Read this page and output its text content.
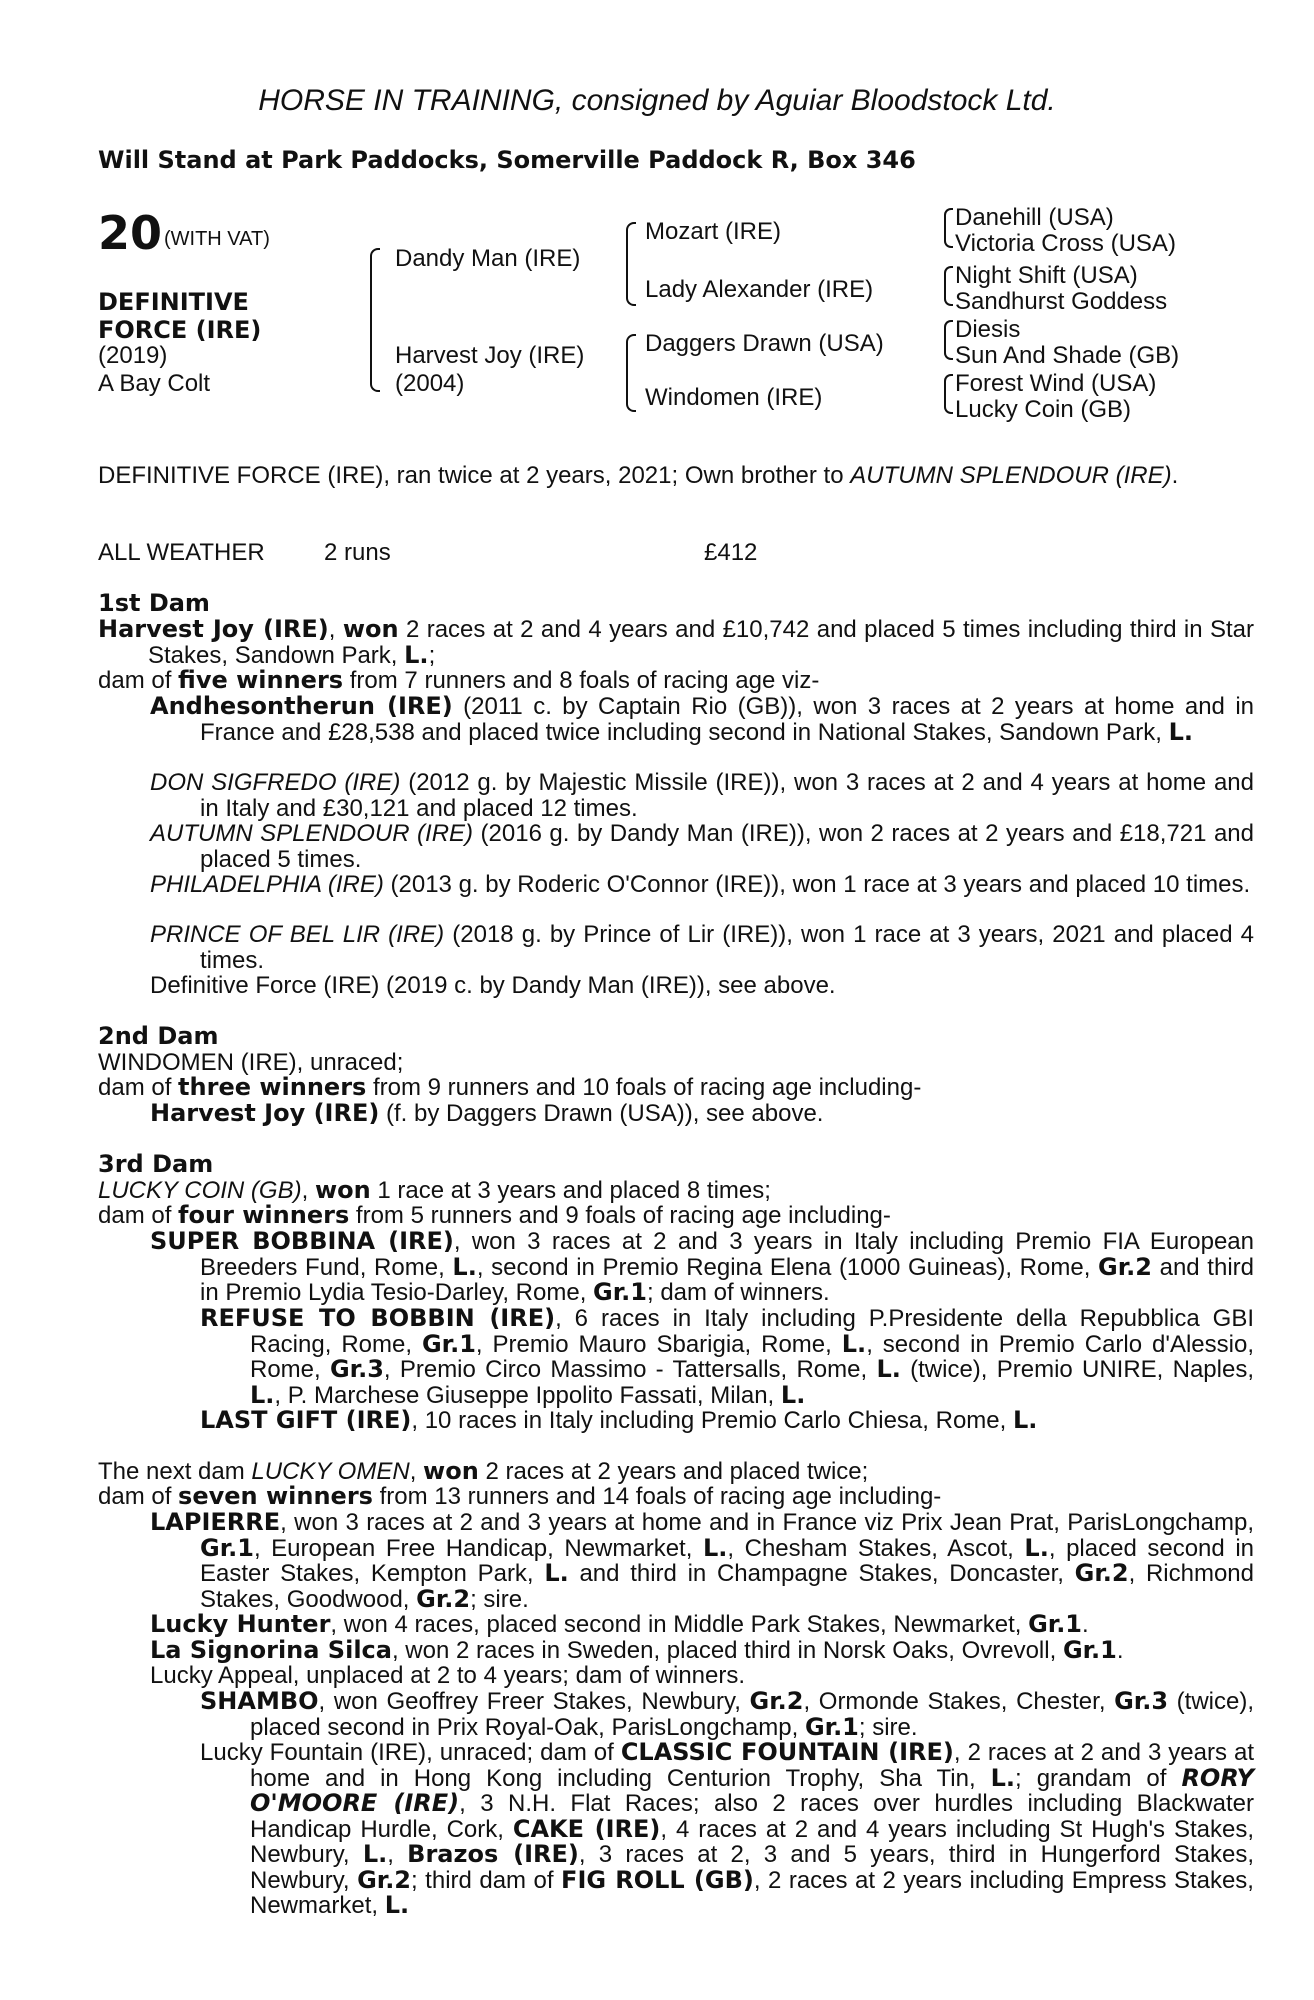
HORSE IN TRAINING, consigned by Aguiar Bloodstock Ltd.
Will Stand at Park Paddocks, Somerville Paddock R, Box 346
20 (WITH VAT)
DEFINITIVE
FORCE (IRE)
(2019)
A Bay Colt
Dandy Man (IRE)
Harvest Joy (IRE)
(2004)
Mozart (IRE)
Lady Alexander (IRE)
Daggers Drawn (USA)
Windomen (IRE)
Danehill (USA)
Victoria Cross (USA)
Night Shift (USA)
Sandhurst Goddess
Diesis
Sun And Shade (GB)
Forest Wind (USA)
Lucky Coin (GB)
DEFINITIVE FORCE (IRE), ran twice at 2 years, 2021; Own brother to AUTUMN SPLENDOUR (IRE).
ALL WEATHER 2 runs	£412
1st Dam
Harvest Joy (IRE), won 2 races at 2 and 4 years and £10,742 and placed 5 times including third in Star Stakes, Sandown Park, L.;
dam of five winners from 7 runners and 8 foals of racing age viz-
Andhesontherun (IRE) (2011 c. by Captain Rio (GB)), won 3 races at 2 years at home and in France and £28,538 and placed twice including second in National Stakes, Sandown Park, L.
DON SIGFREDO (IRE) (2012 g. by Majestic Missile (IRE)), won 3 races at 2 and 4 years at home and in Italy and £30,121 and placed 12 times.
AUTUMN SPLENDOUR (IRE) (2016 g. by Dandy Man (IRE)), won 2 races at 2 years and £18,721 and placed 5 times.
PHILADELPHIA (IRE) (2013 g. by Roderic O'Connor (IRE)), won 1 race at 3 years and placed 10 times.
PRINCE OF BEL LIR (IRE) (2018 g. by Prince of Lir (IRE)), won 1 race at 3 years, 2021 and placed 4 times.
Definitive Force (IRE) (2019 c. by Dandy Man (IRE)), see above.
2nd Dam
WINDOMEN (IRE), unraced;
dam of three winners from 9 runners and 10 foals of racing age including-
Harvest Joy (IRE) (f. by Daggers Drawn (USA)), see above.
3rd Dam
LUCKY COIN (GB), won 1 race at 3 years and placed 8 times;
dam of four winners from 5 runners and 9 foals of racing age including-
SUPER BOBBINA (IRE), won 3 races at 2 and 3 years in Italy including Premio FIA European Breeders Fund, Rome, L., second in Premio Regina Elena (1000 Guineas), Rome, Gr.2 and third in Premio Lydia Tesio-Darley, Rome, Gr.1; dam of winners.
REFUSE TO BOBBIN (IRE), 6 races in Italy including P.Presidente della Repubblica GBI Racing, Rome, Gr.1, Premio Mauro Sbarigia, Rome, L., second in Premio Carlo d'Alessio, Rome, Gr.3, Premio Circo Massimo - Tattersalls, Rome, L. (twice), Premio UNIRE, Naples, L., P. Marchese Giuseppe Ippolito Fassati, Milan, L.
LAST GIFT (IRE), 10 races in Italy including Premio Carlo Chiesa, Rome, L.
The next dam LUCKY OMEN, won 2 races at 2 years and placed twice;
dam of seven winners from 13 runners and 14 foals of racing age including-
LAPIERRE, won 3 races at 2 and 3 years at home and in France viz Prix Jean Prat, ParisLongchamp, Gr.1, European Free Handicap, Newmarket, L., Chesham Stakes, Ascot, L., placed second in Easter Stakes, Kempton Park, L. and third in Champagne Stakes, Doncaster, Gr.2, Richmond Stakes, Goodwood, Gr.2; sire.
Lucky Hunter, won 4 races, placed second in Middle Park Stakes, Newmarket, Gr.1.
La Signorina Silca, won 2 races in Sweden, placed third in Norsk Oaks, Ovrevoll, Gr.1.
Lucky Appeal, unplaced at 2 to 4 years; dam of winners.
SHAMBO, won Geoffrey Freer Stakes, Newbury, Gr.2, Ormonde Stakes, Chester, Gr.3 (twice), placed second in Prix Royal-Oak, ParisLongchamp, Gr.1; sire.
Lucky Fountain (IRE), unraced; dam of CLASSIC FOUNTAIN (IRE), 2 races at 2 and 3 years at home and in Hong Kong including Centurion Trophy, Sha Tin, L.; grandam of RORY O'MOORE (IRE), 3 N.H. Flat Races; also 2 races over hurdles including Blackwater Handicap Hurdle, Cork, CAKE (IRE), 4 races at 2 and 4 years including St Hugh's Stakes, Newbury, L., Brazos (IRE), 3 races at 2, 3 and 5 years, third in Hungerford Stakes, Newbury, Gr.2; third dam of FIG ROLL (GB), 2 races at 2 years including Empress Stakes, Newmarket, L.
